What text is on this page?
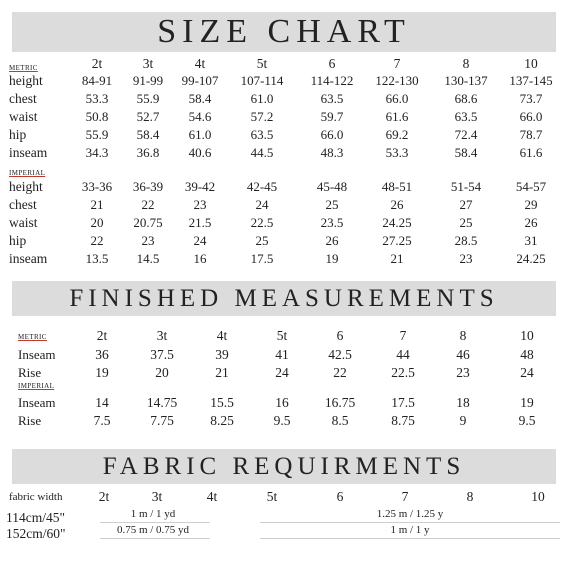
SIZE CHART
FINISHED MEASUREMENTS
FABRIC REQUIRMENTS
METRIC	2t	3t	4t	5t	6	7	8	10
height	84-91 91-99 99-107 107-114 114-122 122-130 130-137 137-145
chest	53.3 55.9 58.4	61.0	63.5	66.0	68.6	73.7
waist	50.8 52.7 54.6	57.2	59.7	61.6	63.5	66.0
hip	55.9 58.4 61.0	63.5	66.0	69.2	72.4	78.7
inseam	34.3 36.8 40.6	44.5	48.3	53.3	58.4	61.6
IMPERIAL
height	33-36 36-39 39-42 42-45	45-48	48-51	51-54	54-57
chest	21	22	23	24	25	26	27	29
waist	20 20.75 21.5	22.5	23.5	24.25	25	26
hip	22	23	24	25	26	27.25	28.5	31
inseam	13.5 14.5	16	17.5	19	21	23	24.25
METRIC	2t	3t	4t	5t	6	7	8	10
Inseam	36	37.5	39	41	42.5	44	46	48
Rise	19	20	21	24	22	22.5	23	24
IMPERIAL
Inseam	14	14.75 15.5	16	16.75	17.5	18	19
Rise	7.5	7.75	8.25	9.5	8.5	8.75	9	9.5
fabric width	2t	3t	4t	5t	6	7	8	10
114cm/45"	1 m / 1 yd	1.25 m / 1.25 y
152cm/60"	0.75 m / 0.75 yd	1 m / 1 y
